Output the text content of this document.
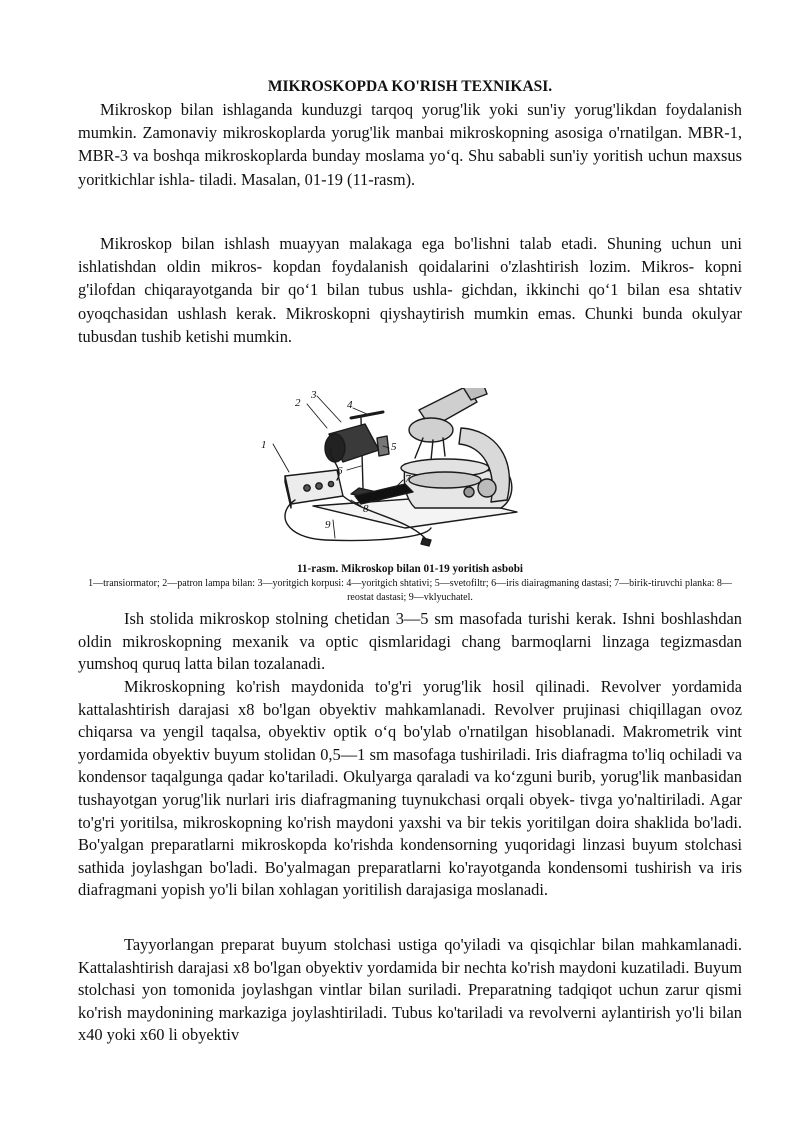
MIKROSKOPDA KO'RISH TEXNIKASI.

Mikroskop bilan ishlaganda kunduzgi tarqoq yorug'lik yoki sun'iy yorug'likdan foydalanish mumkin. Zamonaviy mikroskoplarda yorug'lik manbai mikroskopning asosiga o'rnatilgan. MBR-1, MBR-3 va boshqa mikroskoplarda bunday moslama yo‘q. Shu sababli sun'iy yoritish uchun maxsus yoritkichlar ishla- tiladi. Masalan, 01-19 (11-rasm).

Mikroskop bilan ishlash muayyan malakaga ega bo'lishni talab etadi. Shuning uchun uni ishlatishdan oldin mikros- kopdan foydalanish qoidalarini o'zlashtirish lozim. Mikros- kopni g'ilofdan chiqarayotganda bir qo‘1 bilan tubus ushla- gichdan, ikkinchi qo‘1 bilan esa shtativ oyoqchasidan ushlash kerak. Mikroskopni qiyshaytirish mumkin emas. Chunki bunda okulyar tubusdan tushib ketishi mumkin.

1
2
3
4
5
6
7
8
9
11-rasm. Mikroskop bilan 01-19 yoritish asbobi
1—transiormator; 2—patron lampa bilan: 3—yoritgich korpusi: 4—yoritgich shtativi; 5—svetofiltr; 6—iris diairagmaning dastasi; 7—birik-tiruvchi planka: 8—reostat dastasi; 9—vklyuchatel.

Ish stolida mikroskop stolning chetidan 3—5 sm masofada turishi kerak. Ishni boshlashdan oldin mikroskopning mexanik va optic qismlaridagi chang barmoqlarni linzaga tegizmasdan yumshoq quruq latta bilan tozalanadi.

Mikroskopning ko'rish maydonida to'g'ri yorug'lik hosil qilinadi. Revolver yordamida kattalashtirish darajasi x8 bo'lgan obyektiv mahkamlanadi. Revolver prujinasi chiqillagan ovoz chiqarsa va yengil taqalsa, obyektiv optik o‘q bo'ylab o'rnatilgan hisoblanadi. Makrometrik vint yordamida obyektiv buyum stolidan 0,5—1 sm masofaga tushiriladi. Iris diafragma to'liq ochiladi va kondensor taqalgunga qadar ko'tariladi. Okulyarga qaraladi va ko‘zguni burib, yorug'lik manbasidan tushayotgan yorug'lik nurlari iris diafragmaning tuynukchasi orqali obyek- tivga yo'naltiriladi. Agar to'g'ri yoritilsa, mikroskopning ko'rish maydoni yaxshi va bir tekis yoritilgan doira shaklida bo'ladi. Bo'yalgan preparatlarni mikroskopda ko'rishda kondensorning yuqoridagi linzasi buyum stolchasi sathida joylashgan bo'ladi. Bo'yalmagan preparatlarni ko'rayotganda kondensomi tushirish va iris diafragmani yopish yo'li bilan xohlagan yoritilish darajasiga moslanadi.

Tayyorlangan preparat buyum stolchasi ustiga qo'yiladi va qisqichlar bilan mahkamlanadi. Kattalashtirish darajasi x8 bo'lgan obyektiv yordamida bir nechta ko'rish maydoni kuzatiladi. Buyum stolchasi yon tomonida joylashgan vintlar bilan suriladi. Preparatning tadqiqot uchun zarur qismi ko'rish maydonining markaziga joylashtiriladi. Tubus ko'tariladi va revolverni aylantirish yo'li bilan x40 yoki x60 li obyektiv
